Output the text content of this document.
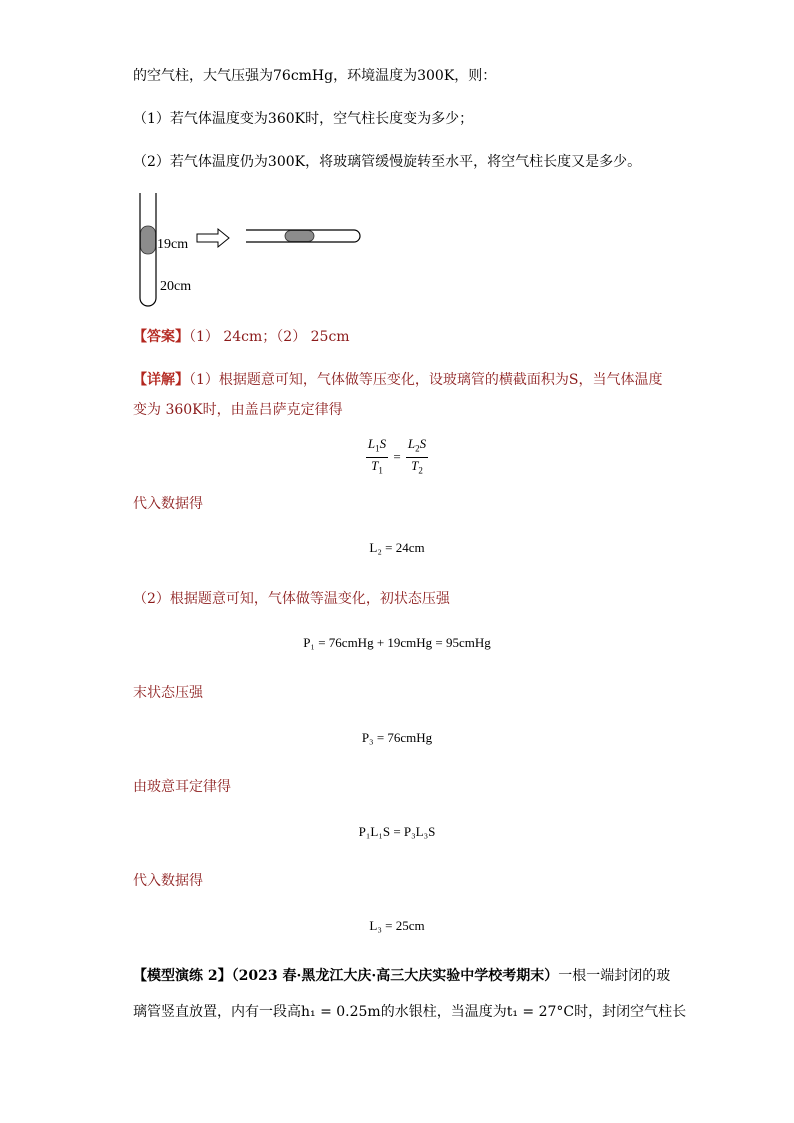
的空气柱，大气压强为76cmHg，环境温度为300K，则：
（1）若气体温度变为360K时，空气柱长度变为多少；
（2）若气体温度仍为300K，将玻璃管缓慢旋转至水平，将空气柱长度又是多少。
19cm
20cm
【答案】（1） 24cm；（2） 25cm
【详解】（1）根据题意可知，气体做等压变化，设玻璃管的横截面积为S，当气体温度
变为 360K时，由盖吕萨克定律得
$\frac{L_1S}{T_1} = \frac{L_2S}{T_2}$
代入数据得
L₂ = 24cm
（2）根据题意可知，气体做等温变化，初状态压强
P₁ = 76cmHg + 19cmHg = 95cmHg
末状态压强
P₃ = 76cmHg
由玻意耳定律得
P₁L₁S = P₃L₃S
代入数据得
L₃ = 25cm
【模型演练 2】（2023 春·黑龙江大庆·高三大庆实验中学校考期末）一根一端封闭的玻
璃管竖直放置，内有一段高h₁ = 0.25m的水银柱，当温度为t₁ = 27°C时，封闭空气柱长
